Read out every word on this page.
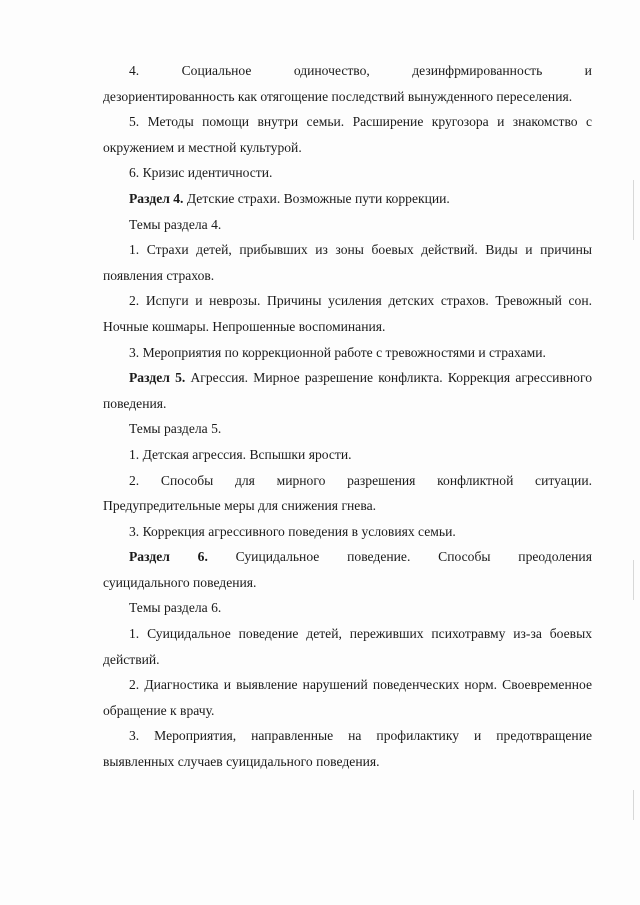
4.	Социальное	одиночество,	дезинфрмированность	и

дезориентированность как отягощение последствий вынужденного переселения.

5. Методы помощи внутри семьи. Расширение кругозора и знакомство с окружением и местной культурой.

6. Кризис идентичности.

Раздел 4. Детские страхи. Возможные пути коррекции.

Темы раздела 4.

1. Страхи детей, прибывших из зоны боевых действий. Виды и причины появления страхов.

2. Испуги и неврозы. Причины усиления детских страхов. Тревожный сон. Ночные кошмары. Непрошенные воспоминания.

3. Мероприятия по коррекционной работе с тревожностями и страхами.

Раздел 5. Агрессия. Мирное разрешение конфликта. Коррекция агрессивного поведения.

Темы раздела 5.

1. Детская агрессия. Вспышки ярости.

2. Способы для мирного разрешения конфликтной ситуации. Предупредительные меры для снижения гнева.

3. Коррекция агрессивного поведения в условиях семьи.

Раздел 6. Суицидальное поведение. Способы преодоления

суицидального поведения.

Темы раздела 6.

1. Суицидальное поведение детей, переживших психотравму из-за боевых действий.

2. Диагностика и выявление нарушений поведенческих норм. Своевременное обращение к врачу.

3. Мероприятия, направленные на профилактику и предотвращение выявленных случаев суицидального поведения.
